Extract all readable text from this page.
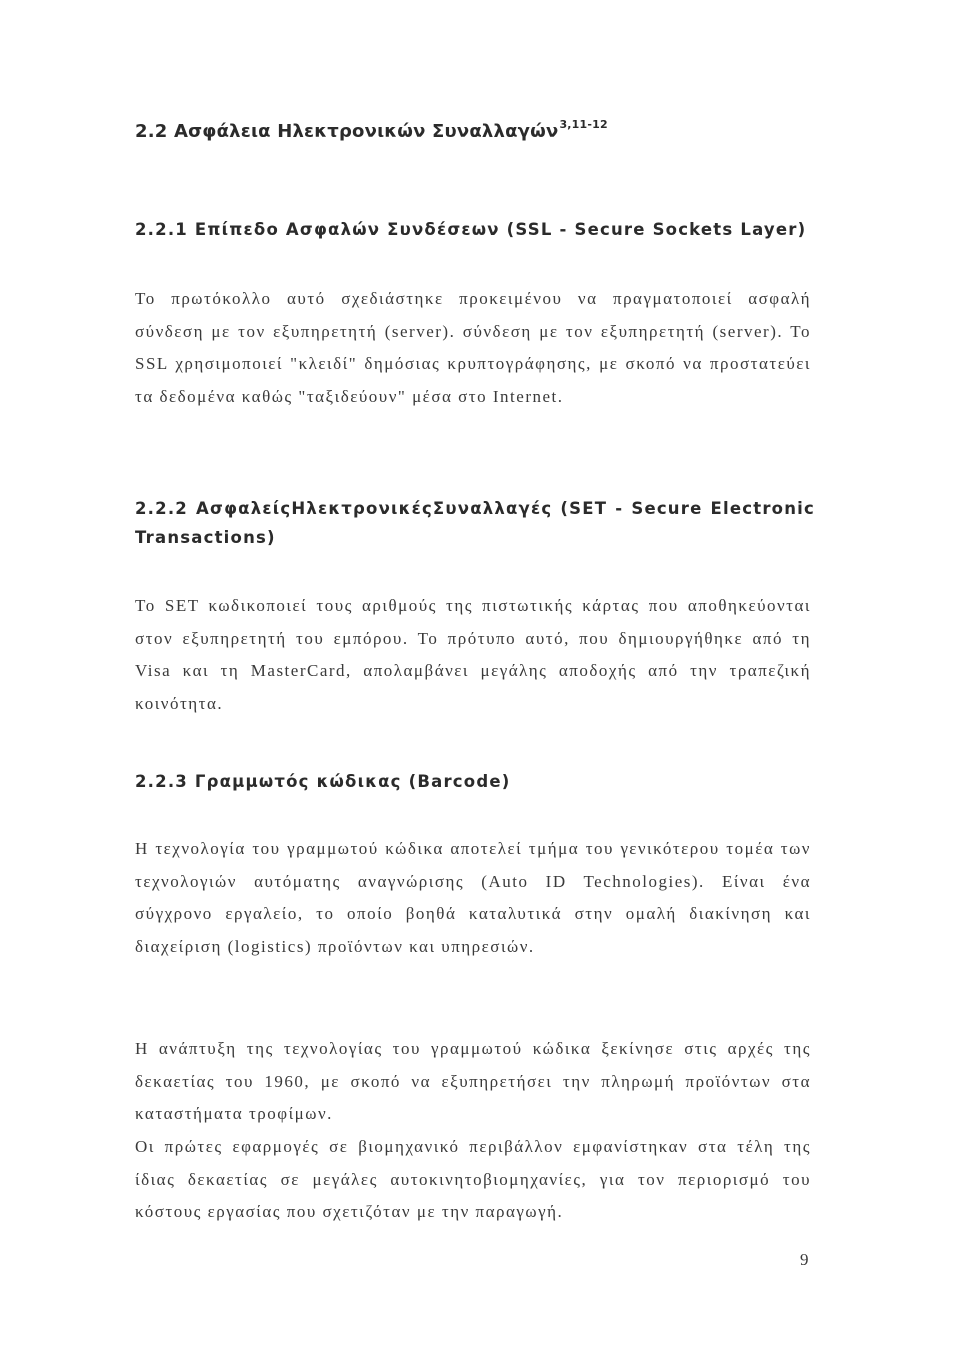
2.2 Ασφάλεια Ηλεκτρονικών Συναλλαγών$^{3,11-12}$
2.2.1 Επίπεδο Ασφαλών Συνδέσεων (SSL - Secure Sockets Layer)
Το πρωτόκολλο αυτό σχεδιάστηκε προκειμένου να πραγματοποιεί ασφαλή σύνδεση με τον εξυπηρετητή (server). σύνδεση με τον εξυπηρετητή (server). Το SSL χρησιμοποιεί "κλειδί" δημόσιας κρυπτογράφησης, με σκοπό να προστατεύει τα δεδομένα καθώς "ταξιδεύουν" μέσα στο Internet.
2.2.2 ΑσφαλείςΗλεκτρονικέςΣυναλλαγές (SET - Secure Electronic Transactions)
Το SET κωδικοποιεί τους αριθμούς της πιστωτικής κάρτας που αποθηκεύονται στον εξυπηρετητή του εμπόρου. Το πρότυπο αυτό, που δημιουργήθηκε από τη Visa και τη MasterCard, απολαμβάνει μεγάλης αποδοχής από την τραπεζική κοινότητα.
2.2.3 Γραμμωτός κώδικας (Barcode)
Η τεχνολογία του γραμμωτού κώδικα αποτελεί τμήμα του γενικότερου τομέα των τεχνολογιών αυτόματης αναγνώρισης (Auto ID Technologies). Είναι ένα σύγχρονο εργαλείο, το οποίο βοηθά καταλυτικά στην ομαλή διακίνηση και διαχείριση (logistics) προϊόντων και υπηρεσιών.
Η ανάπτυξη της τεχνολογίας του γραμμωτού κώδικα ξεκίνησε στις αρχές της δεκαετίας του 1960, με σκοπό να εξυπηρετήσει την πληρωμή προϊόντων στα καταστήματα τροφίμων.
Οι πρώτες εφαρμογές σε βιομηχανικό περιβάλλον εμφανίστηκαν στα τέλη της ίδιας δεκαετίας σε μεγάλες αυτοκινητοβιομηχανίες, για τον περιορισμό του κόστους εργασίας που σχετιζόταν με την παραγωγή.
9
